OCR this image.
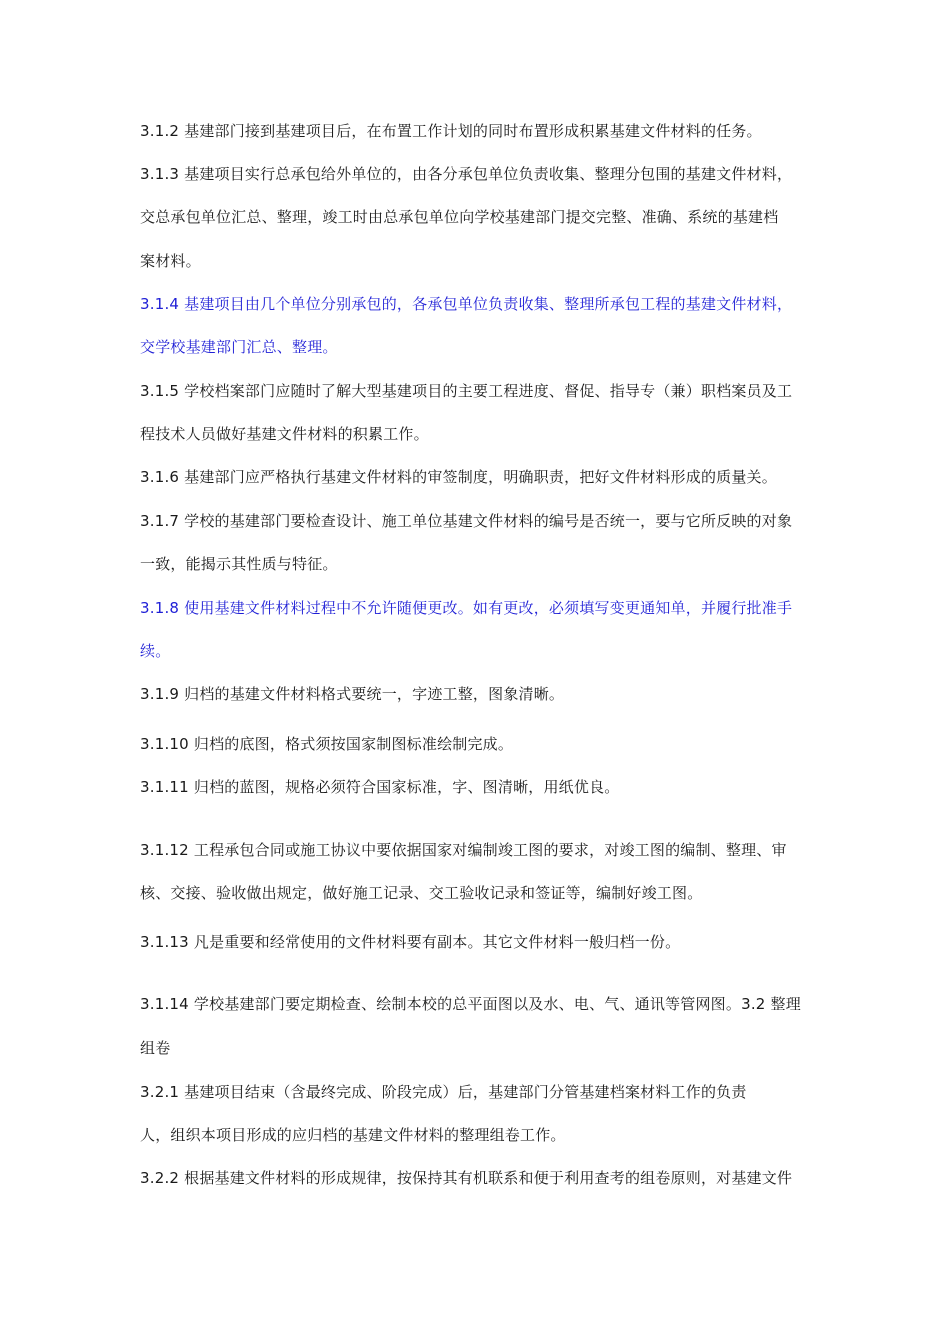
3.1.2 基建部门接到基建项目后，在布置工作计划的同时布置形成积累基建文件材料的任务。
3.1.3 基建项目实行总承包给外单位的，由各分承包单位负责收集、整理分包围的基建文件材料，
交总承包单位汇总、整理，竣工时由总承包单位向学校基建部门提交完整、准确、系统的基建档
案材料。
3.1.4 基建项目由几个单位分别承包的，各承包单位负责收集、整理所承包工程的基建文件材料，
交学校基建部门汇总、整理。
3.1.5 学校档案部门应随时了解大型基建项目的主要工程进度、督促、指导专（兼）职档案员及工
程技术人员做好基建文件材料的积累工作。
3.1.6 基建部门应严格执行基建文件材料的审签制度，明确职责，把好文件材料形成的质量关。
3.1.7 学校的基建部门要检查设计、施工单位基建文件材料的编号是否统一，要与它所反映的对象
一致，能揭示其性质与特征。
3.1.8 使用基建文件材料过程中不允许随便更改。如有更改，必须填写变更通知单，并履行批准手
续。
3.1.9 归档的基建文件材料格式要统一，字迹工整，图象清晰。
3.1.10 归档的底图，格式须按国家制图标准绘制完成。
3.1.11 归档的蓝图，规格必须符合国家标准，字、图清晰，用纸优良。
3.1.12 工程承包合同或施工协议中要依据国家对编制竣工图的要求，对竣工图的编制、整理、审
核、交接、验收做出规定，做好施工记录、交工验收记录和签证等，编制好竣工图。
3.1.13 凡是重要和经常使用的文件材料要有副本。其它文件材料一般归档一份。
3.1.14 学校基建部门要定期检查、绘制本校的总平面图以及水、电、气、通讯等管网图。3.2 整理
组卷
3.2.1 基建项目结束（含最终完成、阶段完成）后，基建部门分管基建档案材料工作的负责
人，组织本项目形成的应归档的基建文件材料的整理组卷工作。
3.2.2 根据基建文件材料的形成规律，按保持其有机联系和便于利用查考的组卷原则，对基建文件
